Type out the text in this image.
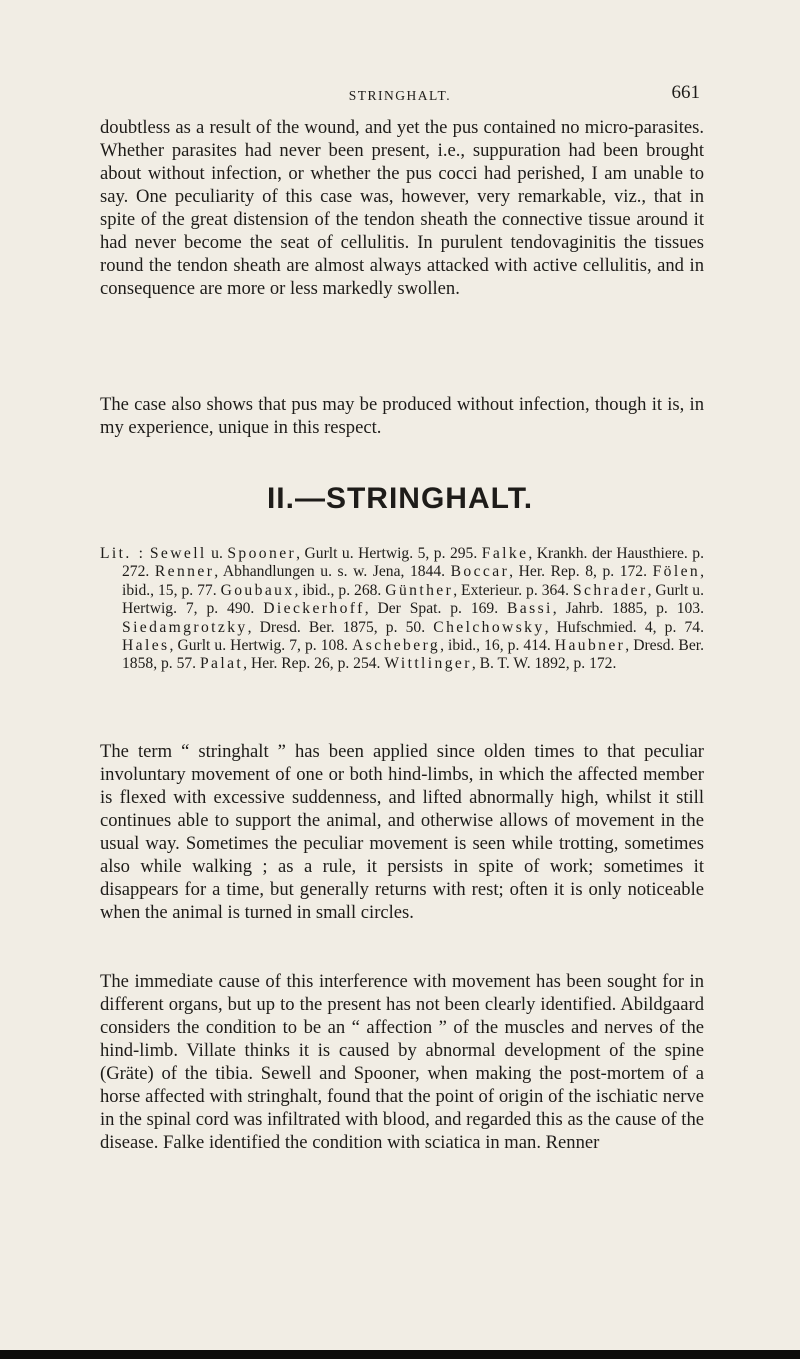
STRINGHALT.	661

doubtless as a result of the wound, and yet the pus contained no micro-parasites. Whether parasites had never been present, i.e., suppuration had been brought about without infection, or whether the pus cocci had perished, I am unable to say. One peculiarity of this case was, however, very remarkable, viz., that in spite of the great distension of the tendon sheath the connective tissue around it had never become the seat of cellulitis. In purulent tendovaginitis the tissues round the tendon sheath are almost always attacked with active cellulitis, and in consequence are more or less markedly swollen.

The case also shows that pus may be produced without infection, though it is, in my experience, unique in this respect.

II.—STRINGHALT.

Lit. : Sewell u. Spooner, Gurlt u. Hertwig. 5, p. 295. Falke, Krankh. der Hausthiere. p. 272. Renner, Abhandlungen u. s. w. Jena, 1844. Boccar, Her. Rep. 8, p. 172. Fölen, ibid., 15, p. 77. Goubaux, ibid., p. 268. Günther, Exterieur. p. 364. Schrader, Gurlt u. Hertwig. 7, p. 490. Dieckerhoff, Der Spat. p. 169. Bassi, Jahrb. 1885, p. 103. Siedamgrotzky, Dresd. Ber. 1875, p. 50. Chelchowsky, Hufschmied. 4, p. 74. Hales, Gurlt u. Hertwig. 7, p. 108. Ascheberg, ibid., 16, p. 414. Haubner, Dresd. Ber. 1858, p. 57. Palat, Her. Rep. 26, p. 254. Wittlinger, B. T. W. 1892, p. 172.

The term “ stringhalt ” has been applied since olden times to that peculiar involuntary movement of one or both hind-limbs, in which the affected member is flexed with excessive suddenness, and lifted abnormally high, whilst it still continues able to support the animal, and otherwise allows of movement in the usual way. Sometimes the peculiar movement is seen while trotting, sometimes also while walking ; as a rule, it persists in spite of work; sometimes it disappears for a time, but generally returns with rest; often it is only noticeable when the animal is turned in small circles.

The immediate cause of this interference with movement has been sought for in different organs, but up to the present has not been clearly identified. Abildgaard considers the condition to be an “ affection ” of the muscles and nerves of the hind-limb. Villate thinks it is caused by abnormal development of the spine (Gräte) of the tibia. Sewell and Spooner, when making the post-mortem of a horse affected with stringhalt, found that the point of origin of the ischiatic nerve in the spinal cord was infiltrated with blood, and regarded this as the cause of the disease. Falke identified the condition with sciatica in man. Renner
